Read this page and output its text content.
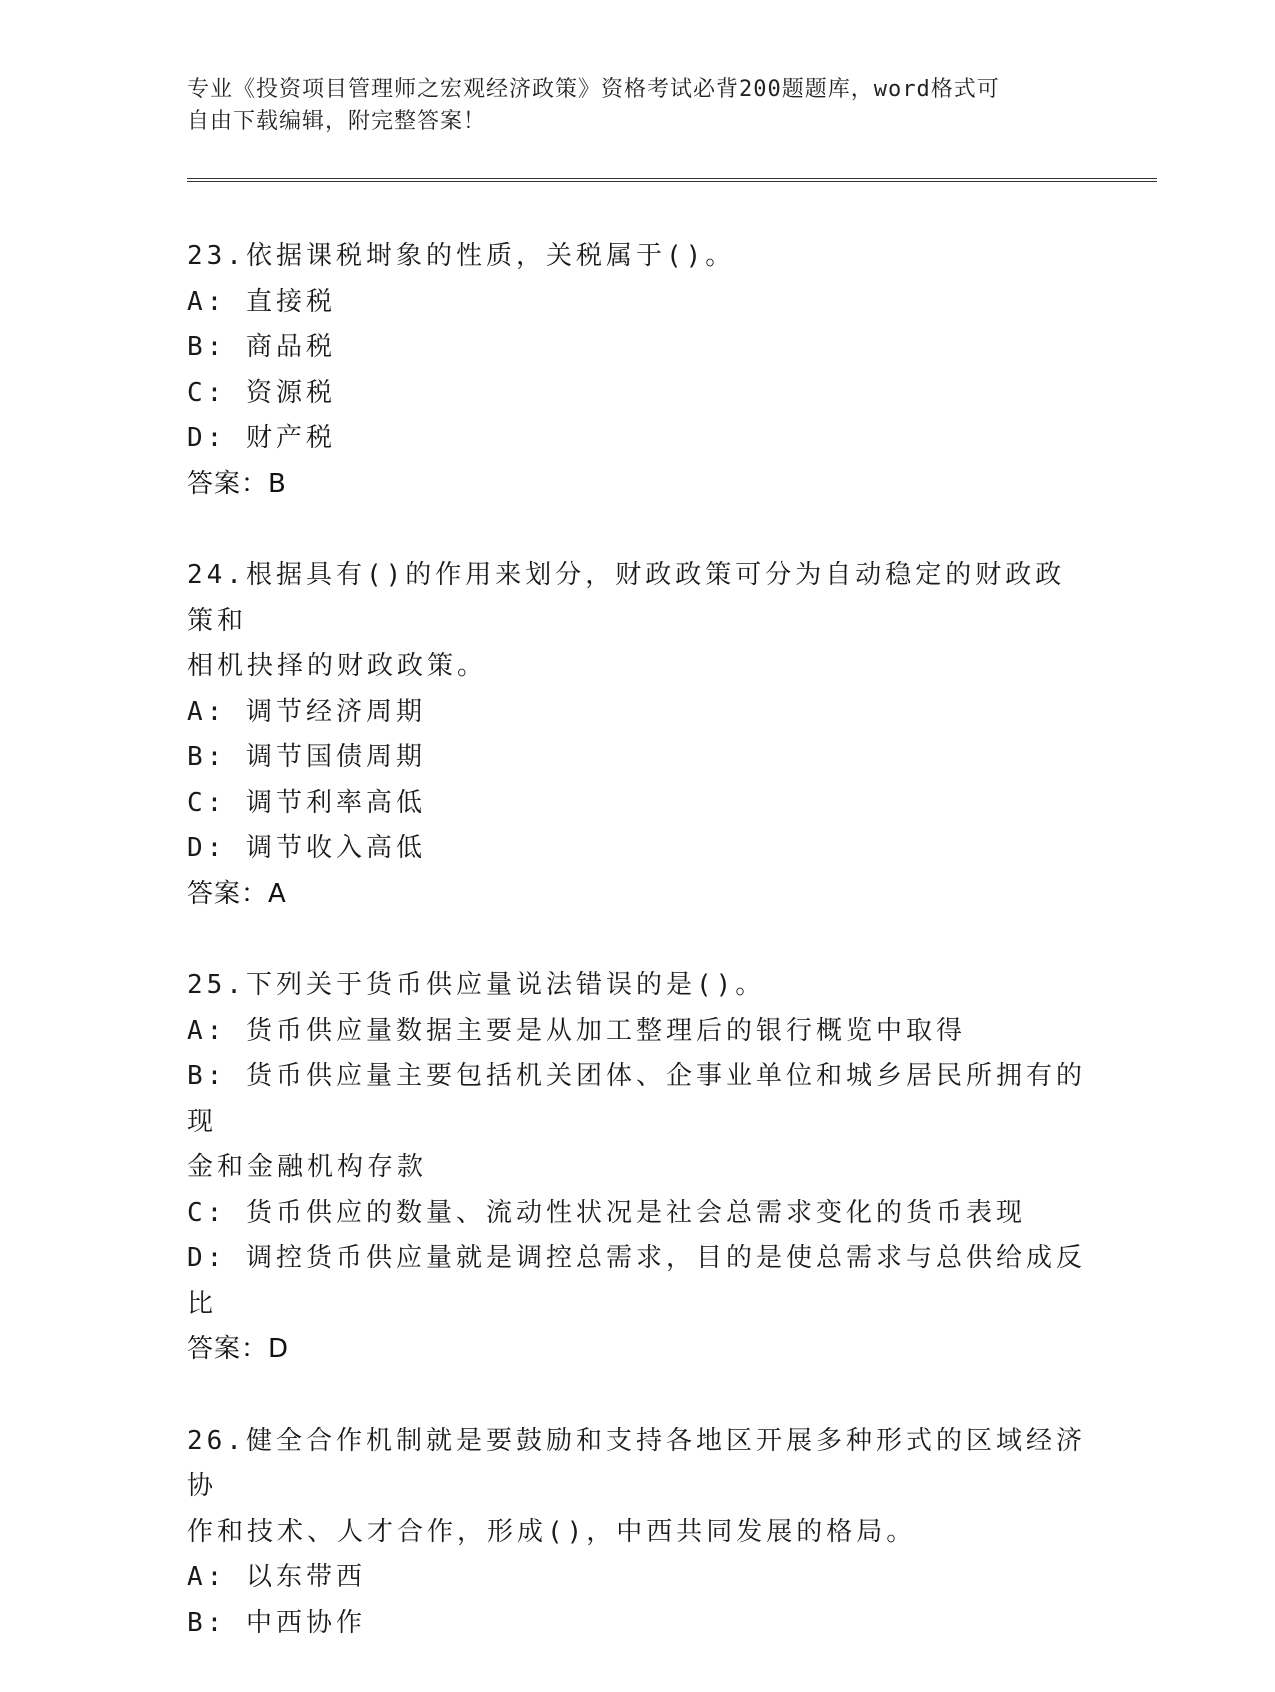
专业《投资项目管理师之宏观经济政策》资格考试必背200题题库，word格式可
自由下载编辑，附完整答案！
23.依据课税埘象的性质，关税属于()。
A: 直接税
B: 商品税
C: 资源税
D: 财产税
答案：B
24.根据具有()的作用来划分，财政政策可分为自动稳定的财政政策和
相机抉择的财政政策。
A: 调节经济周期
B: 调节国债周期
C: 调节利率高低
D: 调节收入高低
答案：A
25.下列关于货币供应量说法错误的是()。
A: 货币供应量数据主要是从加工整理后的银行概览中取得
B: 货币供应量主要包括机关团体、企事业单位和城乡居民所拥有的现
金和金融机构存款
C: 货币供应的数量、流动性状况是社会总需求变化的货币表现
D: 调控货币供应量就是调控总需求，目的是使总需求与总供给成反比
答案：D
26.健全合作机制就是要鼓励和支持各地区开展多种形式的区域经济协
作和技术、人才合作，形成()，中西共同发展的格局。
A: 以东带西
B: 中西协作
